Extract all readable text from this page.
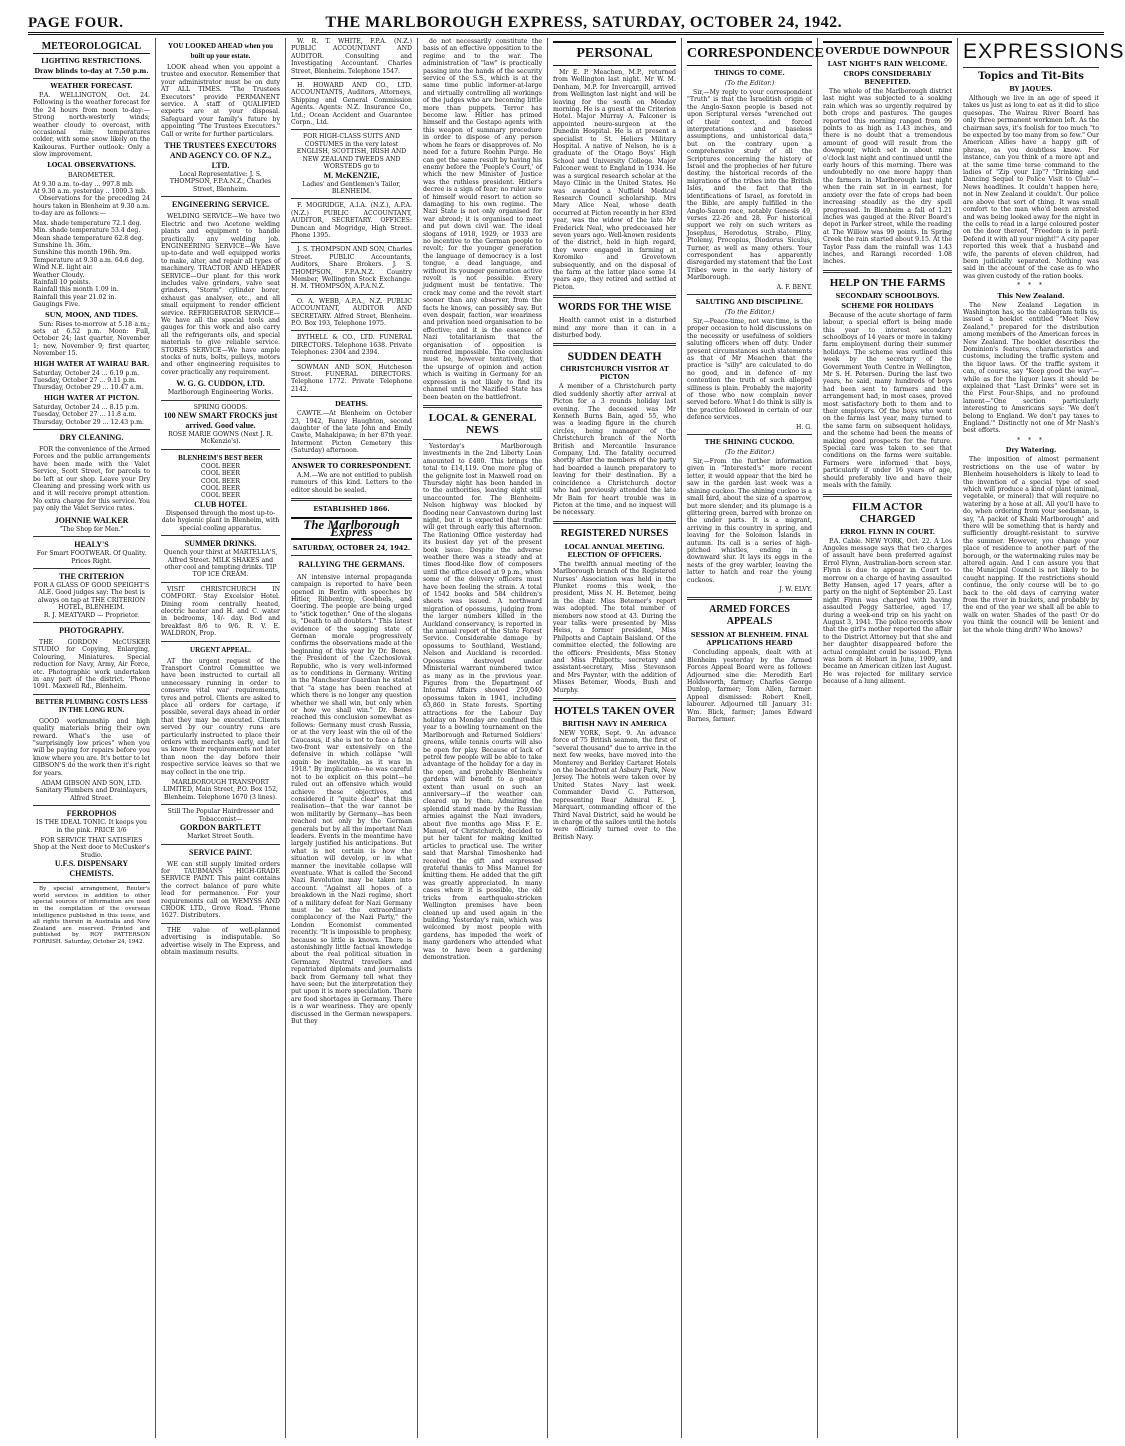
PAGE FOUR.	THE MARLBOROUGH EXPRESS, SATURDAY, OCTOBER 24, 1942.
METEOROLOGICAL
LIGHTING RESTRICTIONS.
Draw blinds to-day at 7.50 p.m.
WEATHER FORECAST.

P.A. WELLINGTON, Oct. 24. Following is the weather forecast for the 24 hours from noon to-day:— Strong north-westerly winds; weather cloudy to overcast, with occasional rain; temperatures colder, with some snow likely on the Kaikouras. Further outlook: Only a slow improvement.

LOCAL OBSERVATIONS.
BAROMETER.
At 9.30 a.m. to-day ... 997.8 mb.
At 9.30 a.m. yesterday .. 1009.3 mb.

Observations for the preceding 24 hours taken in Blenheim at 9.30 a.m. to-day are as follows:—

Max. shade temperature 72.1 deg.
Min. shade temperature 53.4 deg.
Mean shade temperature 62.8 deg.
Sunshine 1h. 36m.
Sunshine this month 196h. 9m.
Temperature at 9.30 a.m. 64.6 deg.
Wind N.E. light air.
Weather Cloudy.
Rainfall 10 points.
Rainfall this month 1.09 in.
Rainfall this year 21.02 in.
Gaugings Five.
SUN, MOON, AND TIDES.

Sun: Rises to-morrow at 5.18 a.m.; sets at 6.52 p.m. Moon: Full, October 24; last quarter, November 1; new, November 9; first quarter, November 15.

HIGH WATER AT WAIRAU BAR.
Saturday, October 24 ... 6.19 p.m.
Tuesday, October 27 ... 9.11 p.m.
Thursday, October 29 ... 10.47 a.m.
HIGH WATER AT PICTON.
Saturday, October 24 ... 8.15 p.m.
Tuesday, October 27 ... 11.8 a.m.
Thursday, October 29 ... 12.43 p.m.
DRY CLEANING.

FOR the convenience of the Armed Forces and the public arrangements have been made with the Valet Service, Scott Street, for parcels to be left at our shop. Leave your Dry Cleaning and pressing work with us and it will receive prompt attention. No extra charge for this service. You pay only the Valet Service rates.

JOHNNIE WALKER
"The Shop for Men."
HEALY'S
For Smart FOOTWEAR. Of Quality. Prices Right.
THE CRITERION
FOR A GLASS OF GOOD SPEIGHT'S ALE. Good judges say: The best is always on tap at THE CRITERION HOTEL, BLENHEIM.
R. J. MEATYARD — Proprietor.
PHOTOGRAPHY.

THE GORDON McCUSKER STUDIO for Copying, Enlarging, Colouring, Miniatures. Special reduction for Navy, Army, Air Force, etc. Photographic work undertaken in any part of the district. 'Phone 1091. Maxwell Rd., Blenheim.

BETTER PLUMBING COSTS LESS IN THE LONG RUN.

GOOD workmanship and high quality materials bring their own reward. What's the use of "surprisingly low prices" when you will be paying for repairs before you know where you are. It's better to let GIBSON'S do the work then it's right for years.

ADAM GIBSON AND SON, LTD. Sanitary Plumbers and Drainlayers, Alfred Street.
FERROPHOS
IS THE IDEAL TONIC. It keeps you in the pink. PRICE 3/6
FOR SERVICE THAT SATISFIES Shop at the Next door to McCusker's Studio.
U.F.S. DISPENSARY CHEMISTS.

By special arrangement, Reuter's world services in addition to other special sources of information are used in the compilation of the overseas intelligence published in this issue, and all rights therein in Australia and New Zealand are reserved. Printed and published by ROY PATTERSON FORRISH. Saturday, October 24, 1942.

YOU LOOKED AHEAD when you built up your estate.

LOOK ahead when you appoint a trustee and executor. Remember that your administrator must be on duty AT ALL TIMES. "The Trustees Executors" provide PERMANENT service. A staff of QUALIFIED experts are at your disposal. Safeguard your family's future by appointing "The Trustees Executors." Call or write for further particulars.

THE TRUSTEES EXECUTORS AND AGENCY CO. OF N.Z., LTD.
Local Representative: J. S. THOMPSON, F.P.A.N.Z., Charles Street, Blenheim.
ENGINEERING SERVICE.

WELDING SERVICE—We have two Electric and two Acetone welding plants and equipment to handle practically any welding job. ENGINEERING SERVICE—We have up-to-date and well equipped works to make, alter, and repair all types of machinery. TRACTOR AND HEADER SERVICE—Our plant for this work includes valve grinders, valve seat grinders, "Storm" cylinder borer, exhaust gas analyser, etc., and all small equipment to render efficient service. REFRIGERATOR SERVICE— We have all the special tools and gauges for this work and also carry all the refrigerants oils, and special materials to give reliable service. STORES SERVICE—We have ample stocks of nuts, bolts, pulleys, motors and other engineering requisites to cover practically any requirement.

W. G. G. CUDDON, LTD.
Marlborough Engineering Works.
SPRING GOODS.
100 NEW SMART FROCKS just arrived. Good value.
ROSE MARIE GOWNS (Next J. R. McKenzie's).
BLENHEIM'S BEST BEER
COOL BEER
COOL BEER
COOL BEER
COOL BEER
COOL BEER
CLUB HOTEL
Dispensed through the most up-to-date hygienic plant in Blenheim, with special cooling apparatus.
SUMMER DRINKS.
Quench your thirst at MARTELLA'S, Alfred Street. MILK SHAKES and other cool and tempting drinks. TIP TOP ICE CREAM.

VISIT CHRISTCHURCH IN COMFORT. Stay Excelsior Hotel. Dining room centrally heated, electric heater and H. and C. water in bedrooms, 14/- day. Bed and breakfast 8/6 to 9/6. R. V. E. WALDRON, Prop.

URGENT APPEAL.

AT the urgent request of the Transport Control Committee we have been instructed to curtail all unnecessary running in order to conserve vital war requirements, tyres and petrol. Clients are asked to place all orders for cartage, if possible, several days ahead in order that they may be executed. Clients served by our country runs are particularly instructed to place their orders with merchants early, and let us know their requirements not later than noon the day before their respective service leaves so that we may collect in the one trip.

MARLBOROUGH TRANSPORT LIMITED, Main Street, P.O. Box 152, Blenheim. Telephone 1670 (3 lines).
Still The Popular Hairdresser and Tobacconist—
GORDON BARTLETT
Market Street South.
SERVICE PAINT.

WE can still supply limited orders for TAUBMANS HIGH-GRADE SERVICE PAINT. This paint contains the correct balance of pure white lead for permanence. For your requirements call on WEMYSS AND CROOK LTD., Grove Road. 'Phone 1627. Distributors.

THE value of well-planned advertising is indisputable. So advertise wisely in The Express, and obtain maximum results.

W. R. T. WHITE, F.P.A. (N.Z.) PUBLIC ACCOUNTANT AND AUDITOR. Consulting and Investigating Accountant. Charles Street, Blenheim. Telephone 1547.

H. HOWARD AND CO., LTD. ACCOUNTANTS, Auditors, Attorneys, Shipping and General Commission Agents. Agents: N.Z. Insurance Co., Ltd.; Ocean Accident and Guarantee Corpn., Ltd.

FOR HIGH-CLASS SUITS AND COSTUMES in the very latest ENGLISH, SCOTTISH, IRISH AND NEW ZEALAND TWEEDS AND WORSTEDS go to
M. McKENZIE,
Ladies' and Gentlemen's Tailor, BLENHEIM.

F. MOGRIDGE, A.I.A. (N.Z.), A.P.A. (N.Z.) PUBLIC ACCOUNTANT, AUDITOR, SECRETARY. OFFICES: Duncan and Mogridge, High Street. Phone 1395.

J. S. THOMPSON AND SON, Charles Street. PUBLIC Accountants, Auditors, Share Brokers. J. S. THOMPSON, F.P.A.N.Z. Country Member, Wellington Stock Exchange. H. M. THOMPSON, A.P.A.N.Z.

O. A. WEBB, A.P.A., N.Z. PUBLIC ACCOUNTANT, AUDITOR AND SECRETARY. Alfred Street, Blenheim. P.O. Box 193, Telephone 1975.

BYTHELL & CO., LTD. FUNERAL DIRECTORS. Telephone 1638. Private Telephones: 2304 and 2394.

SOWMAN AND SON, Hutcheson Street. FUNERAL DIRECTORS. Telephone 1772. Private Telephone 2142.

DEATHS.

CAWTE.—At Blenheim on October 23, 1942, Fanny Haughton, second daughter of the late John and Emily Cawte, Mahakipawa; in her 87th year. Interment Picton Cemetery this (Saturday) afternoon.

ANSWER TO CORRESPONDENT.

A.M.—We are not entitled to publish rumours of this kind. Letters to the editor should be sealed.

ESTABLISHED 1866.
The Marlborough Express
SATURDAY, OCTOBER 24, 1942.
RALLYING THE GERMANS.

AN intensive internal propaganda campaign is reported to have been opened in Berlin with speeches by Hitler, Ribbentrop, Goebbels, and Goering. The people are being urged to "stick together." One of the slogans is, "Death to all doubters." This latest evidence of the sagging state of German morale progressively confirms the observations made at the beginning of this year by Dr. Benes, the President of the Czechoslovak Republic, who is very well-informed as to conditions in Germany. Writing in the Manchester Guardian he stated that "a stage has been reached at which there is no longer any question whether we shall win, but only when or how we shall win." Dr. Benes reached this conclusion somewhat as follows: Germany must crush Russia, or at the very least win the oil of the Caucasus, if she is not to face a fatal two-front war extensively on the defensive in which collapse "will again be inevitable, as it was in 1918." By implication—he was careful not to be explicit on this point—he ruled out an offensive which would achieve these objectives, and considered it "quite clear" that this realisation—that the war cannot be won militarily by Germany—has been reached not only by the German generals but by all the important Nazi leaders. Events in the meantime have largely justified his anticipations. But what is not certain is how the situation will develop, or in what manner the inevitable collapse will eventuate. What is called the Second Nazi Revolution may be taken into account. "Against all hopes of a breakdown in the Nazi regime, short of a military defeat for Nazi Germany must be set the extraordinary complacency of the Nazi Party," the London Economist commented recently. "It is impossible to prophesy, because so little is known. There is astonishingly little factual knowledge about the real political situation in Germany. Neutral travellers and repatriated diplomats and journalists back from Germany tell what they have seen; but the interpretation they put upon it is mere speculation. There are food shortages in Germany. There is a war weariness. They are openly discussed in the German newspapers. But they

do not necessarily constitute the basis of an effective opposition to the regime and to the war. The administration of "law" is practically passing into the hands of the security service of the S.S., which is at the same time public informer-at-large and virtually controlling all workings of the judges who are becoming little more than puppets. Terror has become law. Hitler has primed himself and the Gestapo agents with this weapon of summary procedure in order to dispose of any person whom he fears or disapproves of. No need for a future Roehm Purge. He can get the same result by having his enemy before the 'People's Court,' of which the new Minister of Justice was the ruthless president. Hitler's decree is a sign of fear; no ruler sure of himself would resort to action so damaging to his own regime. The Nazi State is not only organised for war abroad; it is organised to meet and put down civil war. The ideal slogans of 1918, 1929, or 1933 are no incentive to the German people to revolt; for the younger generation the language of democracy is a lost tongue, a dead language, and without its younger generation active revolt is not possible. Every judgment must be tentative. The crack may come and the revolt start sooner than any observer, from the facts he knows, can possibly say. But even despair, faction, war weariness and privation need organisation to be effective; and it is the essence of Nazi totalitarianism that the organisation of opposition is rendered impossible. The conclusion must be, however tentatively, that the upsurge of opinion and action which is waiting in Germany for an expression is not likely to find its channel until the Nazified State has been beaten on the battlefront.

LOCAL & GENERAL NEWS

Yesterday's Marlborough investments in the 2nd Liberty Loan amounted to £480. This brings the total to £14,119. One more plug of the gelignite lost in Maxwell road on Thursday night has been handed in to the authorities, leaving eight still unaccounted for. The Blenheim-Nelson highway was blocked by flooding near Canvastown during last night, but it is expected that traffic will get through early this afternoon. The Rationing Office yesterday had its busiest day yet of the present book issue. Despite the adverse weather there was a steady and at times flood-like flow of composers until the office closed at 9 p.m., when some of the delivery officers must have been feeling the strain. A total of 1542 books and 584 children's sheets was issued. A northward migration of opossums, judging from the larger numbers killed in the Auckland conservancy, is reported in the annual report of the State Forest Service. Considerable damage by opossums to Southland, Westland, Nelson and Auckland is recorded. Opossums destroyed under Ministerial warrant numbered twice as many as in the previous year. Figures from the Department of Internal Affairs showed 259,040 opossums taken in 1941, including 63,860 in State forests. Sporting attractions for the Labour Day holiday on Monday are confined this year to a bowling tournament on the Marlborough and Returned Soldiers' greens, while tennis courts will also be open for play. Because of lack of petrol few people will be able to take advantage of the holiday for a day in the open, and probably Blenheim's gardens will benefit to a greater extent than usual on such an anniversary—if the weather can cleared up by then. Admiring the splendid stand made by the Russian armies against the Nazi invaders, about five months ago Miss F. E. Manuel, of Christchurch, decided to put her talent for making knitted articles to practical use. The writer said that Marshal Timoshenko had received the gift and expressed grateful thanks to Miss Manuel for knitting them. He added that the gift was greatly appreciated. In many cases where it is possible, the old tricks from earthquake-stricken Wellington premises have been cleaned up and used again in the building. Yesterday's rain, which was welcomed by most people with gardens, has impeded the work of many gardeners who attended what was to have been a gardening demonstration.

PERSONAL

Mr E. P. Meachen, M.P., returned from Wellington last night. Mr W. M. Denham, M.P. for Invercargill, arrived from Wellington last night and will be leaving for the south on Monday morning. He is a guest at the Criterion Hotel. Major Murray A. Falconer is appointed neuro-surgeon at the Dunedin Hospital. He is at present a specialist to St. Heliers Military Hospital. A native of Nelson, he is a graduate of the Otago Boys' High School and University College. Major Falconer went to England in 1934. He was a surgical research scholar at the Mayo Clinic in the United States. He was awarded a Nuffield Medical Research Council scholarship. Mrs Mary Alice Neal, whose death occurred at Picton recently in her 83rd year, was the widow of the late Mr Frederick Neal, who predeceased her seven years ago. Well-known residents of the district, held in high regard, they were engaged in farming at Koromiko and Grovetown subsequently, and on the disposal of the farm at the latter place some 14 years ago, they retired and settled at Picton.

WORDS FOR THE WISE

Health cannot exist in a disturbed mind any more than it can in a disturbed body.

SUDDEN DEATH
CHRISTCHURCH VISITOR AT PICTON

A member of a Christchurch party died suddenly shortly after arrival at Picton for a 3 rounds holiday last evening. The deceased was Mr Kenneth Burns Bain, aged 55, who was a leading figure in the church circles, being manager of the Christchurch branch of the North British and Mercantile Insurance Company, Ltd. The fatality occurred shortly after the members of the party had boarded a launch preparatory to leaving for their destination. By a coincidence a Christchurch doctor who had previously attended the late Mr Bain for heart trouble was in Picton at the time, and no inquest will be necessary.

REGISTERED NURSES
LOCAL ANNUAL MEETING. ELECTION OF OFFICERS.

The twelfth annual meeting of the Marlborough branch of the Registered Nurses' Association was held in the Plunket rooms this week, the president, Miss N. H. Betemer, being in the chair. Miss Betemer's report was adopted. The total number of members now stood at 43. During the year talks were presented by Miss Heiss, a former president, Miss Philpotts and Captain Baisland. Of the committee elected, the following are the officers: Presidents, Miss Stoney and Miss Philpotts; secretary and assistant-secretary, Miss Stevenson and Mrs Paynter, with the addition of Misses Betemer, Woods, Bush and Murphy.

HOTELS TAKEN OVER
BRITISH NAVY IN AMERICA

NEW YORK, Sept. 9. An advance force of 75 British seamen, the first of "several thousand" due to arrive in the next few weeks, have moved into the Monterey and Berkley Cartaret Hotels on the beachfront at Asbury Park, New Jersey. The hotels were taken over by United States Navy last week. Commander David C. Patterson, representing Rear Admiral E. J. Marquart, commanding officer of the Third Naval District, said he would be in charge of the sailors until the hotels were officially turned over to the British Navy.

CORRESPONDENCE
THINGS TO COME.
(To the Editor.)

Sir,—My reply to your correspondent "Truth" is that the Israelitish origin of the Anglo-Saxon people is based not upon Scriptural verses "wrenched out of their context, and forced interpretations and baseless assumptions, and unhistorical data," but on the contrary upon a comprehensive study of all the Scriptures concerning the history of Israel and the prophecies of her future destiny, the historical records of the migrations of the tribes into the British Isles, and the fact that the identifications of Israel, as foretold in the Bible, are amply fulfilled in the Anglo-Saxon race, notably Genesis 49, verses 22-26 and 28. For historical support we rely on such writers as Josephus, Herodotus, Strabo, Pliny, Ptolemy, Procopius, Diodorus Siculus, Turner, as well as many others. Your correspondent has apparently disregarded my statement that the Lost Tribes were in the early history of Marlborough.

A. F. BENT.
SALUTING AND DISCIPLINE.
(To the Editor.)

Sir,—Peace-time, not war-time, is the proper occasion to hold discussions on the necessity or usefulness of soldiers saluting officers when off duty. Under present circumstances such statements as that of Mr Meachen that the practice is "silly" are calculated to do no good, and in defence of my contention the truth of such alleged silliness is plain. Probably the majority of those who now complain never served before. What I do think is silly is the practice followed in certain of our defence services.

H. G.
THE SHINING CUCKOO.
(To the Editor.)

Sir,—From the further information given in "Interested's" more recent letter, it would appear that the bird he saw in the garden last week was a shining cuckoo. The shining cuckoo is a small bird, about the size of a sparrow, but more slender, and its plumage is a glittering green, barred with bronze on the under parts. It is a migrant, arriving in this country in spring, and leaving for the Solomon Islands in autumn. Its call is a series of high-pitched whistles, ending in a downward slur. It lays its eggs in the nests of the grey warbler, leaving the latter to hatch and rear the young cuckoos.

J. W. ELVY.
ARMED FORCES APPEALS
SESSION AT BLENHEIM. FINAL APPLICATIONS HEARD

Concluding appeals, dealt with at Blenheim yesterday by the Armed Forces Appeal Board were as follows: Adjourned sine die: Meredith Earl Holdsworth, farmer; Charles George Dunlop, farmer; Tom Allen, farmer. Appeal dismissed: Robert Knell, labourer. Adjourned till January 31: Wm. Blick, farmer; James Edward Barnes, farmer.

OVERDUE DOWNPOUR
LAST NIGHT'S RAIN WELCOME.
CROPS CONSIDERABLY BENEFITED.

The whole of the Marlborough district last night was subjected to a soaking rain which was so urgently required by both crops and pastures. The gauges reported this morning ranged from 99 points to as high as 1.43 inches, and there is no doubt that a tremendous amount of good will result from the downpour, which set in about nine o'clock last night and continued until the early hours of this morning. There was undoubtedly no one more happy than the farmers in Marlborough last night when the rain set in in earnest, for anxiety over the fate of crops had been increasing steadily as the dry spell progressed. In Blenheim a fall of 1.21 inches was gauged at the River Board's depot in Parker street, while the reading at The Willow was 99 points. In Spring Creek the rain started about 9.15. At the Taylor Pass dam the rainfall was 1.43 inches, and Rarangi recorded 1.08 inches.

HELP ON THE FARMS
SECONDARY SCHOOLBOYS.
SCHEME FOR HOLIDAYS

Because of the acute shortage of farm labour, a special effort is being made this year to interest secondary schoolboys of 14 years or more in taking farm employment during their summer holidays. The scheme was outlined this week by the secretary of the Government Youth Centre in Wellington, Mr S. H. Petersen. During the last two years, he said, many hundreds of boys had been sent to farmers and the arrangement had, in most cases, proved most satisfactory both to them and to their employers. Of the boys who went on the farms last year, many turned to the same farm on subsequent holidays, and the scheme had been the means of making good prospects for the future. Special care was taken to see that conditions on the farms were suitable. Farmers were informed that boys, particularly if under 16 years of age, should preferably live and have their meals with the family.

FILM ACTOR CHARGED
ERROL FLYNN IN COURT.

P.A. Cable. NEW YORK, Oct. 22. A Los Angeles message says that two charges of assault have been preferred against Errol Flynn, Australian-born screen star. Flynn is due to appear in Court to-morrow on a charge of having assaulted Betty Hansen, aged 17 years, after a party on the night of September 25. Last night Flynn was charged with having assaulted Peggy Satterlee, aged 17, during a week-end trip on his yacht on August 3, 1941. The police records show that the girl's mother reported the affair to the District Attorney but that she and her daughter disappeared before the actual complaint could be issued. Flynn was born at Hobart in June, 1909, and became an American citizen last August. He was rejected for military service because of a lung ailment.

EXPRESSIONS
Topics and Tit-Bits
BY JAQUES.

Although we live in an age of speed it takes us just as long to eat as it did to slice quesopas. The Wairau River Board has only three permanent workmen left. As the chairman says, it's foolish for too much "to be expected by too many from so few." Our American Allies have a happy gift of phrase, as you doubtless know. For instance, can you think of a more apt and at the same time terse command to the ladies of "Zip your Lip"? "Drinking and Dancing Sequel to Police Visit to Club"—News headlines. It couldn't happen here, not in New Zealand it couldn't. Our police are above that sort of thing. It was small comfort to the man who'd been arrested and was being looked away for the night in the cells to read in a large coloured poster on the door thereof, "Freedom is in peril: Defend it with all your might!" A city paper reported this week that a husband and wife, the parents of eleven children, had been judicially separated. Nothing was said in the account of the case as to who was given custody of the ration books.

* * *
This New Zealand.

The New Zealand Legation in Washington has, so the cablegram tells us, issued a booklet entitled "Meet New Zealand," prepared for the distribution among members of the American forces in New Zealand. The booklet describes the Dominion's features, characteristics and customs, including the traffic system and the liquor laws. Of the traffic system it can, of course, say "Keep good the way"—while as for the liquor laws it should be explained that "Last Drinks" were set in the First Four-Ships, and no profound lament—"One section particularly interesting to Americans says: 'We don't belong to England. We don't pay taxes to England.'" Distinctly not one of Mr Nash's best efforts.

* * *
Dry Watering.

The imposition of almost permanent restrictions on the use of water by Blenheim householders is likely to lead to the invention of a special type of seed which will produce a kind of plant (animal, vegetable, or mineral) that will require no watering by a hose at all. All you'll have to do, when ordering from your seedsman, is say, "A packet of Khaki Marlborough" and there will be something that is hardy and sufficiently drought-resistant to survive the summer. However, you change your place of residence to another part of the borough, or the watermaking rules may be altered again. And I can assure you that the Municipal Council is not likely to be caught napping. If the restrictions should continue, the only course will be to go back to the old days of carrying water from the river in buckets, and probably by the end of the year we shall all be able to walk on water. Shades of the past! Or do you think the council will be lenient and let the whole thing drift? Who knows?
